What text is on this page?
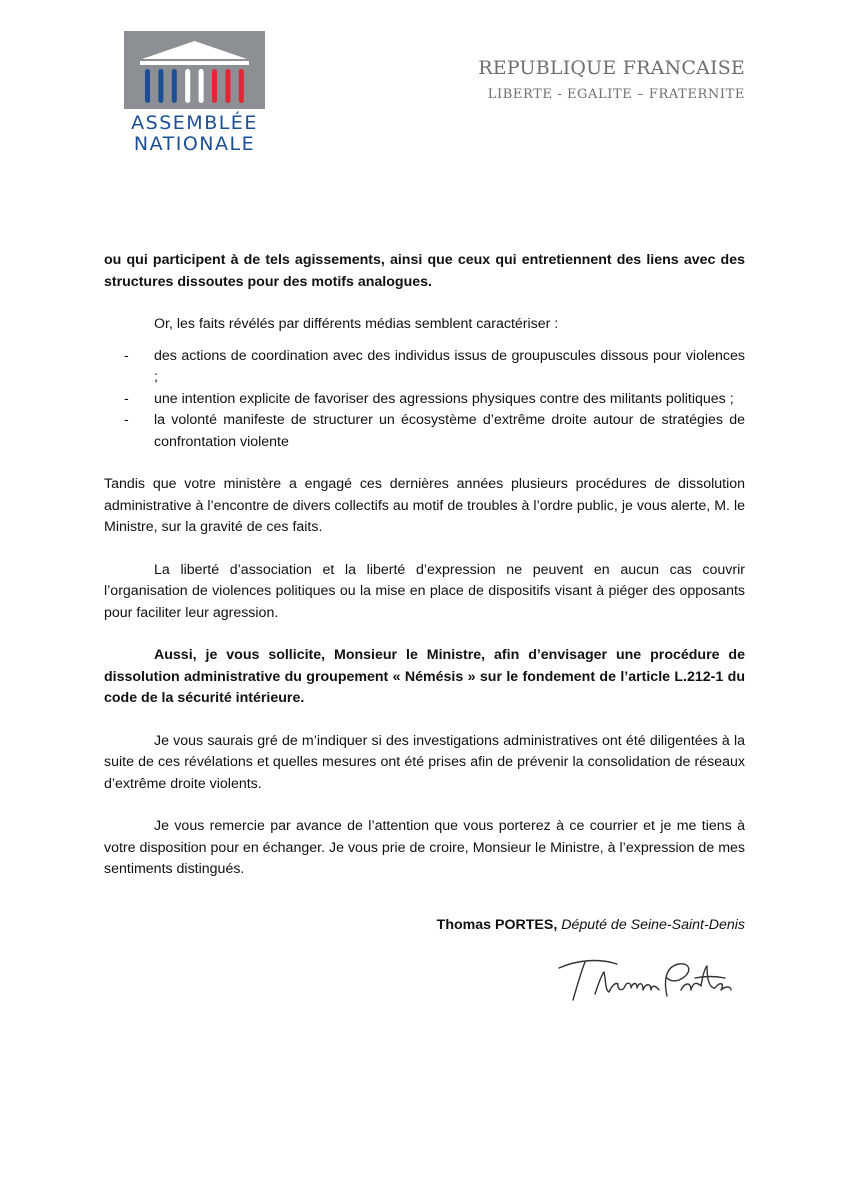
ASSEMBLÉE
NATIONALE
REPUBLIQUE FRANCAISE
LIBERTE - EGALITE – FRATERNITE

ou qui participent à de tels agissements, ainsi que ceux qui entretiennent des liens avec des structures dissoutes pour des motifs analogues.

Or, les faits révélés par différents médias semblent caractériser :

- des actions de coordination avec des individus issus de groupuscules dissous pour violences ;
- une intention explicite de favoriser des agressions physiques contre des militants politiques ;
- la volonté manifeste de structurer un écosystème d’extrême droite autour de stratégies de confrontation violente

Tandis que votre ministère a engagé ces dernières années plusieurs procédures de dissolution administrative à l’encontre de divers collectifs au motif de troubles à l’ordre public, je vous alerte, M. le Ministre, sur la gravité de ces faits.

La liberté d’association et la liberté d’expression ne peuvent en aucun cas couvrir l’organisation de violences politiques ou la mise en place de dispositifs visant à piéger des opposants pour faciliter leur agression.

Aussi, je vous sollicite, Monsieur le Ministre, afin d’envisager une procédure de dissolution administrative du groupement « Némésis » sur le fondement de l’article L.212-1 du code de la sécurité intérieure.

Je vous saurais gré de m’indiquer si des investigations administratives ont été diligentées à la suite de ces révélations et quelles mesures ont été prises afin de prévenir la consolidation de réseaux d’extrême droite violents.

Je vous remercie par avance de l’attention que vous porterez à ce courrier et je me tiens à votre disposition pour en échanger. Je vous prie de croire, Monsieur le Ministre, à l’expression de mes sentiments distingués.

Thomas PORTES, Député de Seine-Saint-Denis
